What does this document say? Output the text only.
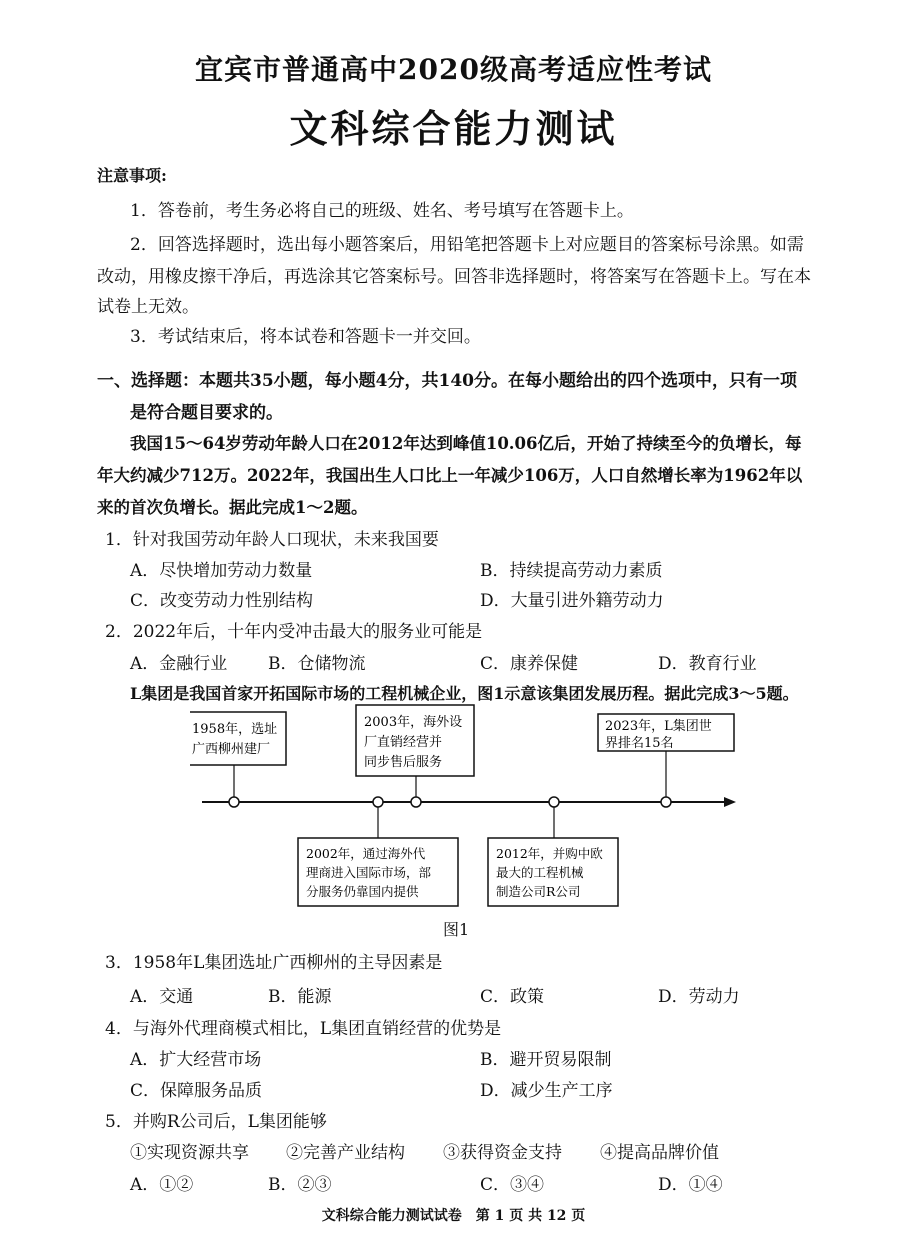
宜宾市普通高中2020级高考适应性考试
文科综合能力测试
注意事项:
1．答卷前，考生务必将自己的班级、姓名、考号填写在答题卡上。
2．回答选择题时，选出每小题答案后，用铅笔把答题卡上对应题目的答案标号涂黑。如需
改动，用橡皮擦干净后，再选涂其它答案标号。回答非选择题时，将答案写在答题卡上。写在本
试卷上无效。
3．考试结束后，将本试卷和答题卡一并交回。
一、选择题：本题共35小题，每小题4分，共140分。在每小题给出的四个选项中，只有一项
是符合题目要求的。
我国15～64岁劳动年龄人口在2012年达到峰值10.06亿后，开始了持续至今的负增长，每
年大约减少712万。2022年，我国出生人口比上一年减少106万，人口自然增长率为1962年以
来的首次负增长。据此完成1～2题。
1．针对我国劳动年龄人口现状，未来我国要
A．尽快增加劳动力数量	B．持续提高劳动力素质
C．改变劳动力性别结构	D．大量引进外籍劳动力
2．2022年后，十年内受冲击最大的服务业可能是
A．金融行业 B．仓储物流	C．康养保健	D．教育行业
L集团是我国首家开拓国际市场的工程机械企业，图1示意该集团发展历程。据此完成3～5题。
1958年，选址
广西柳州建厂
2003年，海外设
厂直销经营并
同步售后服务
2023年，L集团世
界排名15名
2002年，通过海外代
理商进入国际市场，部
分服务仍靠国内提供
2012年，并购中欧
最大的工程机械
制造公司R公司
图1
3．1958年L集团选址广西柳州的主导因素是
A．交通	B．能源	C．政策	D．劳动力
4．与海外代理商模式相比，L集团直销经营的优势是
A．扩大经营市场	B．避开贸易限制
C．保障服务品质	D．减少生产工序
5．并购R公司后，L集团能够
①实现资源共享 ②完善产业结构 ③获得资金支持 ④提高品牌价值
A．①②	B．②③	C．③④	D．①④
文科综合能力测试试卷　第 1 页 共 12 页
